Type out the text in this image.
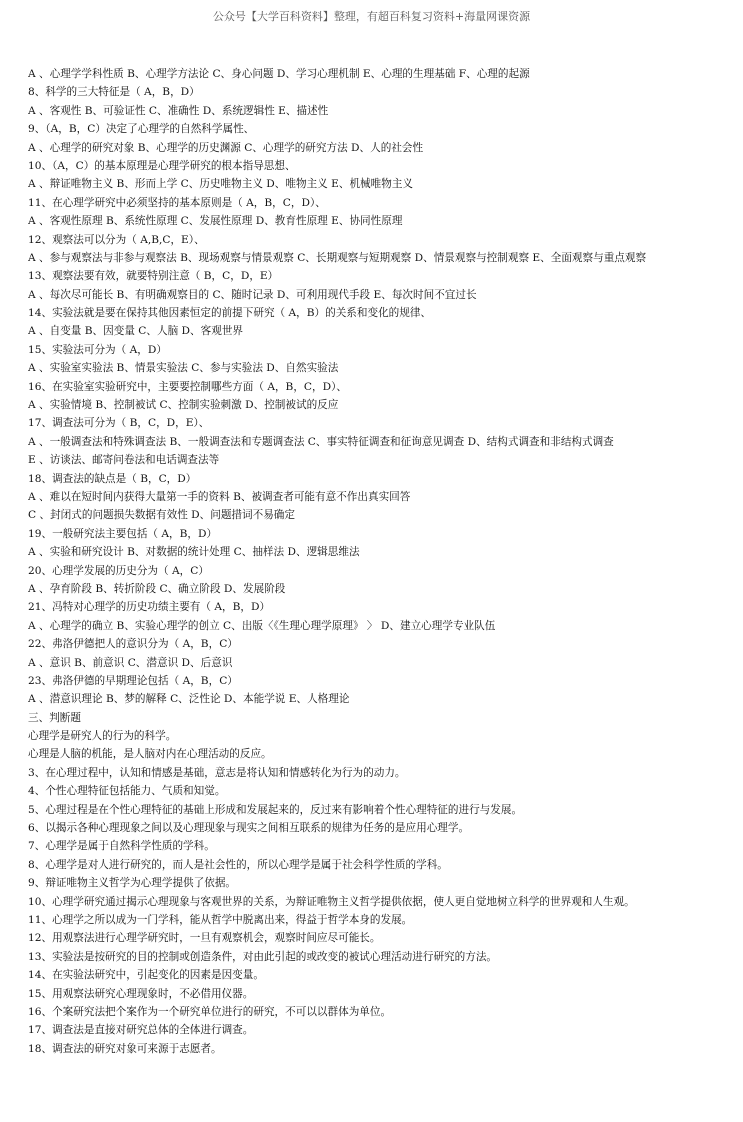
公众号【大学百科资料】整理，有超百科复习资料+海量网课资源
A 、心理学学科性质 B、心理学方法论 C、身心问题 D、学习心理机制 E、心理的生理基础 F、心理的起源
8、科学的三大特征是（ A，B，D）
A 、客观性 B、可验证性 C、准确性 D、系统逻辑性 E、描述性
9、（A，B，C）决定了心理学的自然科学属性、
A 、心理学的研究对象 B、心理学的历史渊源 C、心理学的研究方法 D、人的社会性
10、（A，C）的基本原理是心理学研究的根本指导思想、
A 、辩证唯物主义 B、形而上学 C、历史唯物主义 D、唯物主义 E、机械唯物主义
11、在心理学研究中必须坚持的基本原则是（ A，B，C，D）、
A 、客观性原理 B、系统性原理 C、发展性原理 D、教育性原理 E、协同性原理
12、观察法可以分为（ A,B,C，E）、
A 、参与观察法与非参与观察法 B、现场观察与情景观察 C、长期观察与短期观察 D、情景观察与控制观察 E、全面观察与重点观察
13、观察法要有效，就要特别注意（ B，C，D，E）
A 、每次尽可能长 B、有明确观察目的 C、随时记录 D、可利用现代手段 E、每次时间不宜过长
14、实验法就是要在保持其他因素恒定的前提下研究（ A，B）的关系和变化的规律、
A 、自变量 B、因变量 C、人脑 D、客观世界
15、实验法可分为（ A，D）
A 、实验室实验法 B、情景实验法 C、参与实验法 D、自然实验法
16、在实验室实验研究中，主要要控制哪些方面（ A，B，C，D）、
A 、实验情境 B、控制被试 C、控制实验刺激 D、控制被试的反应
17、调查法可分为（ B，C，D，E）、
A 、一般调查法和特殊调查法 B、一般调查法和专题调查法 C、事实特征调查和征询意见调查 D、结构式调查和非结构式调查
E 、访谈法、邮寄问卷法和电话调查法等
18、调查法的缺点是（ B，C，D）
A 、难以在短时间内获得大量第一手的资料 B、被调查者可能有意不作出真实回答
C 、封闭式的问题损失数据有效性 D、问题措词不易确定
19、一般研究法主要包括（ A，B，D）
A 、实验和研究设计 B、对数据的统计处理 C、抽样法 D、逻辑思维法
20、心理学发展的历史分为（ A，C）
A 、孕育阶段 B、转折阶段 C、确立阶段 D、发展阶段
21、冯特对心理学的历史功绩主要有（ A，B，D）
A 、心理学的确立 B、实验心理学的创立 C、出版〈《生理心理学原理》 〉 D、建立心理学专业队伍
22、弗洛伊德把人的意识分为（ A，B，C）
A 、意识 B、前意识 C、潜意识 D、后意识
23、弗洛伊德的早期理论包括（ A，B，C）
A 、潜意识理论 B、梦的解释 C、泛性论 D、本能学说 E、人格理论
三、判断题
心理学是研究人的行为的科学。
心理是人脑的机能，是人脑对内在心理活动的反应。
3、在心理过程中，认知和情感是基础，意志是将认知和情感转化为行为的动力。
4、个性心理特征包括能力、气质和知觉。
5、心理过程是在个性心理特征的基础上形成和发展起来的，反过来有影响着个性心理特征的进行与发展。
6、以揭示各种心理现象之间以及心理现象与现实之间相互联系的规律为任务的是应用心理学。
7、心理学是属于自然科学性质的学科。
8、心理学是对人进行研究的，而人是社会性的，所以心理学是属于社会科学性质的学科。
9、辩证唯物主义哲学为心理学提供了依据。
10、心理学研究通过揭示心理现象与客观世界的关系，为辩证唯物主义哲学提供依据，使人更自觉地树立科学的世界观和人生观。
11、心理学之所以成为一门学科，能从哲学中脱离出来，得益于哲学本身的发展。
12、用观察法进行心理学研究时，一旦有观察机会，观察时间应尽可能长。
13、实验法是按研究的目的控制或创造条件，对由此引起的或改变的被试心理活动进行研究的方法。
14、在实验法研究中，引起变化的因素是因变量。
15、用观察法研究心理现象时，不必借用仪器。
16、个案研究法把个案作为一个研究单位进行的研究，不可以以群体为单位。
17、调查法是直接对研究总体的全体进行调查。
18、调查法的研究对象可来源于志愿者。
